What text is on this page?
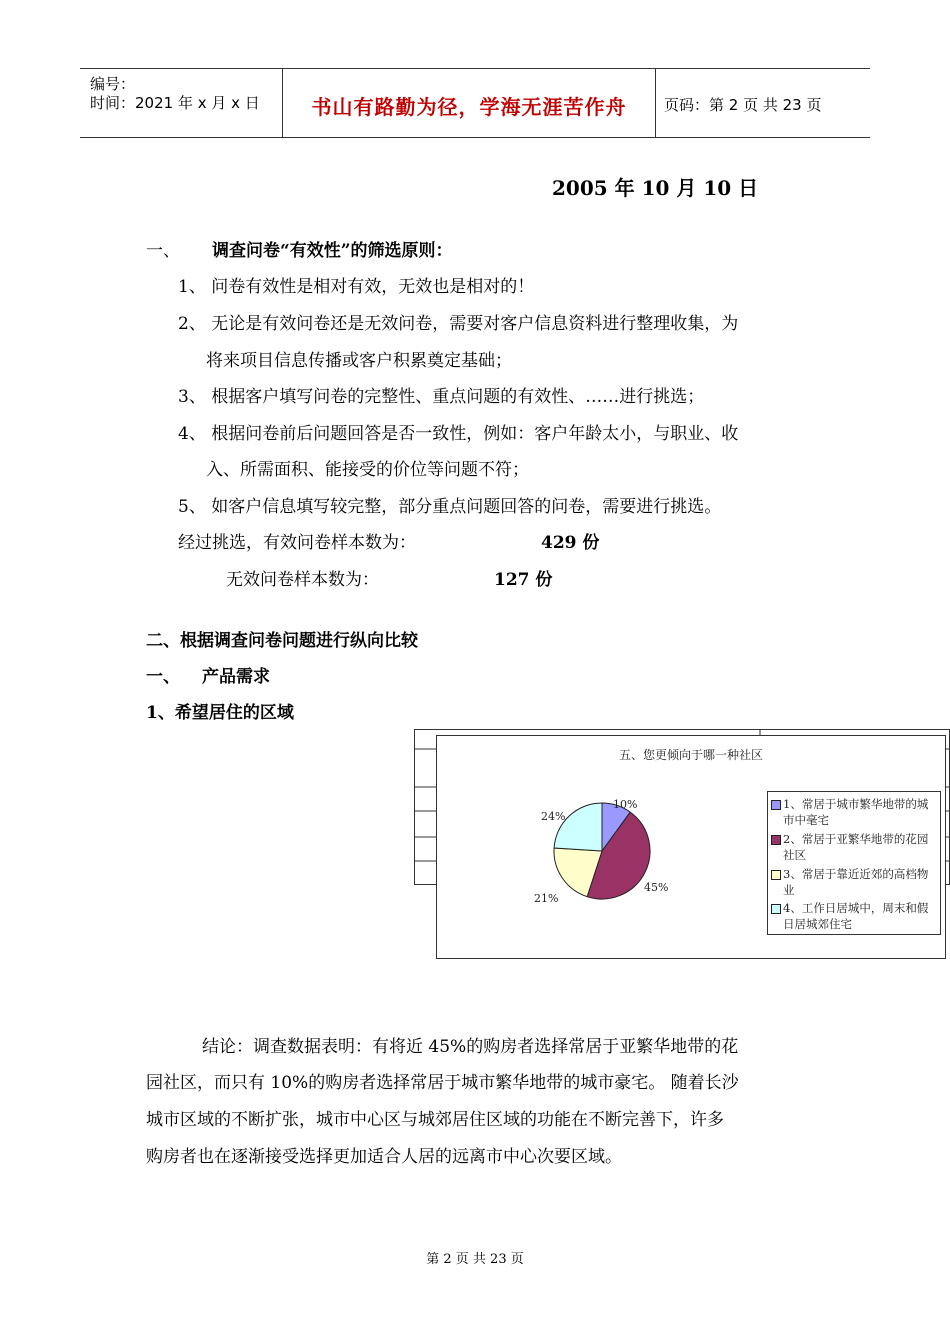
编号：
时间：2021 年 x 月 x 日	书山有路勤为径，学海无涯苦作舟	页码：第 2 页 共 23 页
2005 年 10 月 10 日
一、 调查问卷“有效性”的筛选原则：
1、 问卷有效性是相对有效，无效也是相对的！
2、 无论是有效问卷还是无效问卷，需要对客户信息资料进行整理收集，为
将来项目信息传播或客户积累奠定基础；
3、 根据客户填写问卷的完整性、重点问题的有效性、……进行挑选；
4、 根据问卷前后问题回答是否一致性，例如：客户年龄太小，与职业、收
入、所需面积、能接受的价位等问题不符；
5、 如客户信息填写较完整，部分重点问题回答的问卷，需要进行挑选。
经过挑选，有效问卷样本数为：	429 份
无效问卷样本数为：	127 份
二、根据调查问卷问题进行纵向比较
一、 产品需求
1、希望居住的区域
五、您更倾向于哪一种社区
10%
45%
21%
24%
1、常居于城市繁华地带的城市中毫宅
2、常居于亚繁华地带的花园社区
3、常居于靠近近郊的高档物业
4、工作日居城中，周末和假日居城郊住宅
结论：调查数据表明：有将近 45%的购房者选择常居于亚繁华地带的花
园社区，而只有 10%的购房者选择常居于城市繁华地带的城市豪宅。 随着长沙
城市区域的不断扩张，城市中心区与城郊居住区域的功能在不断完善下，许多
购房者也在逐渐接受选择更加适合人居的远离市中心次要区域。
第 2 页 共 23 页
